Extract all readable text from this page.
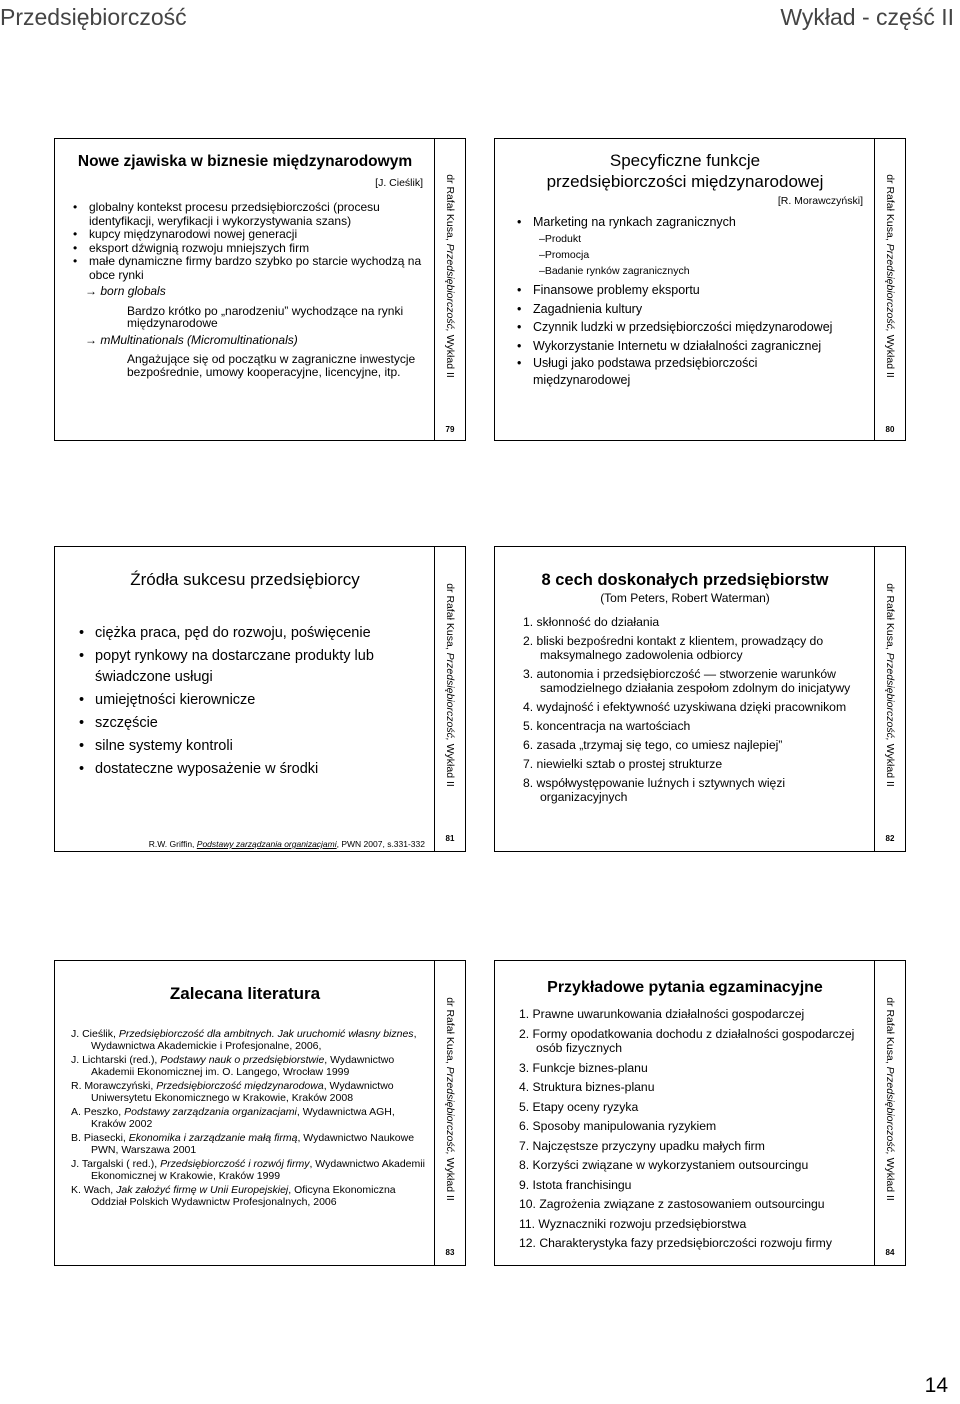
Przedsiębiorczość	Wykład - część II
Nowe zjawiska w biznesie międzynarodowym
[J. Cieślik]
• globalny kontekst procesu przedsiębiorczości (procesu identyfikacji, weryfikacji i wykorzystywania szans)
• kupcy międzynarodowi nowej generacji
• eksport dźwignią rozwoju mniejszych firm
• małe dynamiczne firmy bardzo szybko po starcie wychodzą na obce rynki
→ born globals
Bardzo krótko po „narodzeniu” wychodzące na rynki międzynarodowe
→ mMultinationals (Micromultinationals)
Angażujące się od początku w zagraniczne inwestycje bezpośrednie, umowy kooperacyjne, licencyjne, itp.
dr Rafał Kusa, Przedsiębiorczość, Wykład II
79
Specyficzne funkcje
przedsiębiorczości międzynarodowej
[R. Morawczyński]
• Marketing na rynkach zagranicznych
–Produkt
–Promocja
–Badanie rynków zagranicznych
• Finansowe problemy eksportu
• Zagadnienia kultury
• Czynnik ludzki w przedsiębiorczości międzynarodowej
• Wykorzystanie Internetu w działalności zagranicznej
• Usługi jako podstawa przedsiębiorczości międzynarodowej
dr Rafał Kusa, Przedsiębiorczość, Wykład II
80
Źródła sukcesu przedsiębiorcy
• ciężka praca, pęd do rozwoju, poświęcenie
• popyt rynkowy na dostarczane produkty lub świadczone usługi
• umiejętności kierownicze
• szczęście
• silne systemy kontroli
• dostateczne wyposażenie w środki
R.W. Griffin, Podstawy zarządzania organizacjami, PWN 2007, s.331-332
dr Rafał Kusa, Przedsiębiorczość, Wykład II
81
8 cech doskonałych przedsiębiorstw
(Tom Peters, Robert Waterman)
1. skłonność do działania
2. bliski bezpośredni kontakt z klientem, prowadzący do maksymalnego zadowolenia odbiorcy
3. autonomia i przedsiębiorczość — stworzenie warunków samodzielnego działania zespołom zdolnym do inicjatywy
4. wydajność i efektywność uzyskiwana dzięki pracownikom
5. koncentracja na wartościach
6. zasada „trzymaj się tego, co umiesz najlepiej”
7. niewielki sztab o prostej strukturze
8. współwystępowanie luźnych i sztywnych więzi organizacyjnych
dr Rafał Kusa, Przedsiębiorczość, Wykład II
82
Zalecana literatura
J. Cieślik, Przedsiębiorczość dla ambitnych. Jak uruchomić własny biznes, Wydawnictwa Akademickie i Profesjonalne, 2006,
J. Lichtarski (red.), Podstawy nauk o przedsiębiorstwie, Wydawnictwo Akademii Ekonomicznej im. O. Langego, Wrocław 1999
R. Morawczyński, Przedsiębiorczość międzynarodowa, Wydawnictwo Uniwersytetu Ekonomicznego w Krakowie, Kraków 2008
A. Peszko, Podstawy zarządzania organizacjami, Wydawnictwa AGH, Kraków 2002
B. Piasecki, Ekonomika i zarządzanie małą firmą, Wydawnictwo Naukowe PWN, Warszawa 2001
J. Targalski ( red.), Przedsiębiorczość i rozwój firmy, Wydawnictwo Akademii Ekonomicznej w Krakowie, Kraków 1999
K. Wach, Jak założyć firmę w Unii Europejskiej, Oficyna Ekonomiczna Oddział Polskich Wydawnictw Profesjonalnych, 2006
dr Rafał Kusa, Przedsiębiorczość, Wykład II
83
Przykładowe pytania egzaminacyjne
1. Prawne uwarunkowania działalności gospodarczej
2. Formy opodatkowania dochodu z działalności gospodarczej osób fizycznych
3. Funkcje biznes-planu
4. Struktura biznes-planu
5. Etapy oceny ryzyka
6. Sposoby manipulowania ryzykiem
7. Najczęstsze przyczyny upadku małych firm
8. Korzyści związane w wykorzystaniem outsourcingu
9. Istota franchisingu
10. Zagrożenia związane z zastosowaniem outsourcingu
11. Wyznaczniki rozwoju przedsiębiorstwa
12. Charakterystyka fazy przedsiębiorczości rozwoju firmy
dr Rafał Kusa, Przedsiębiorczość, Wykład II
84
14
